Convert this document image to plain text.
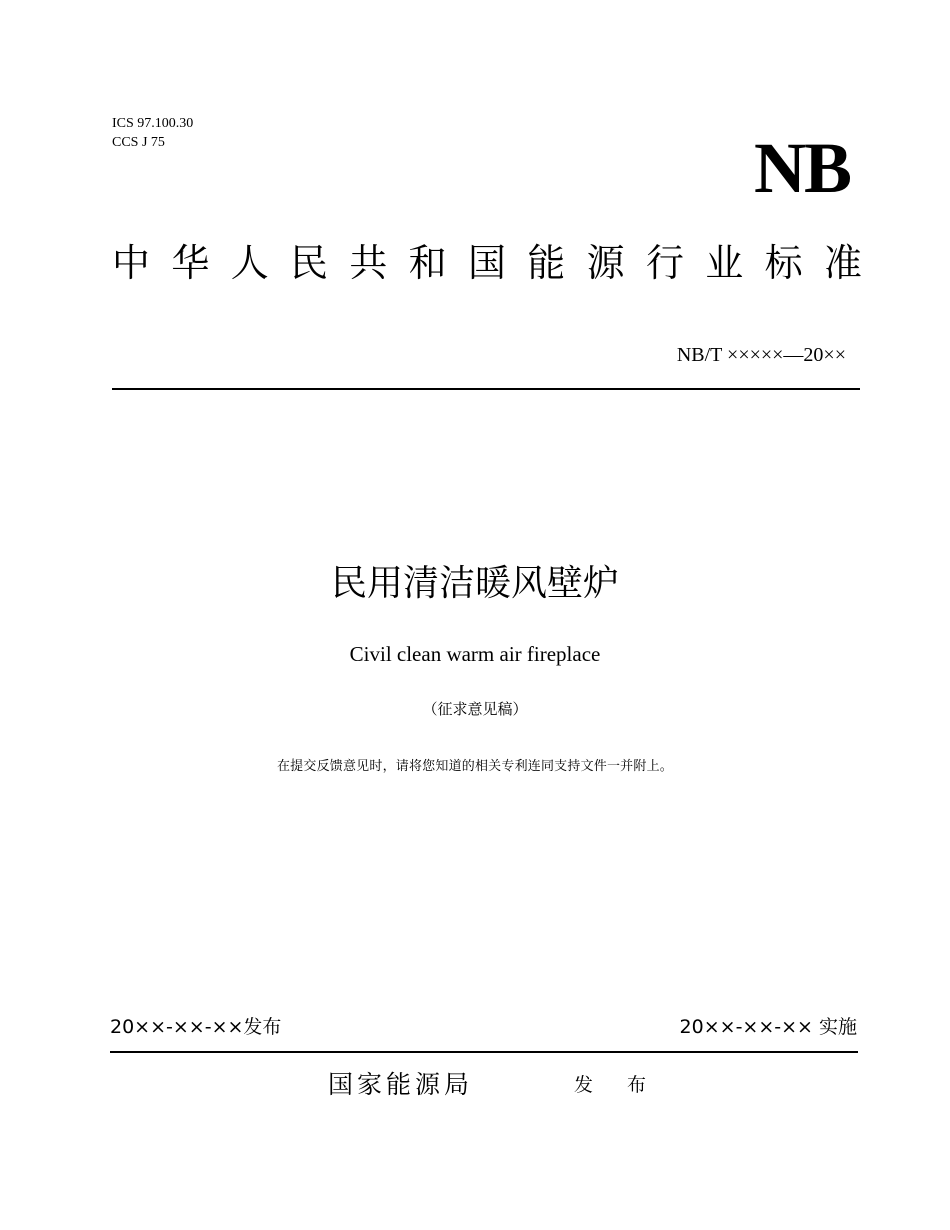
ICS 97.100.30
CCS J 75	NB
中 华 人 民 共 和 国 能 源 行 业 标 准
NB/T ×××××—20××
民用清洁暖风壁炉
Civil clean warm air fireplace
（征求意见稿）
在提交反馈意见时，请将您知道的相关专利连同支持文件一并附上。
20××-××-××发布	20××-××-×× 实施
国家能源局	发 布
